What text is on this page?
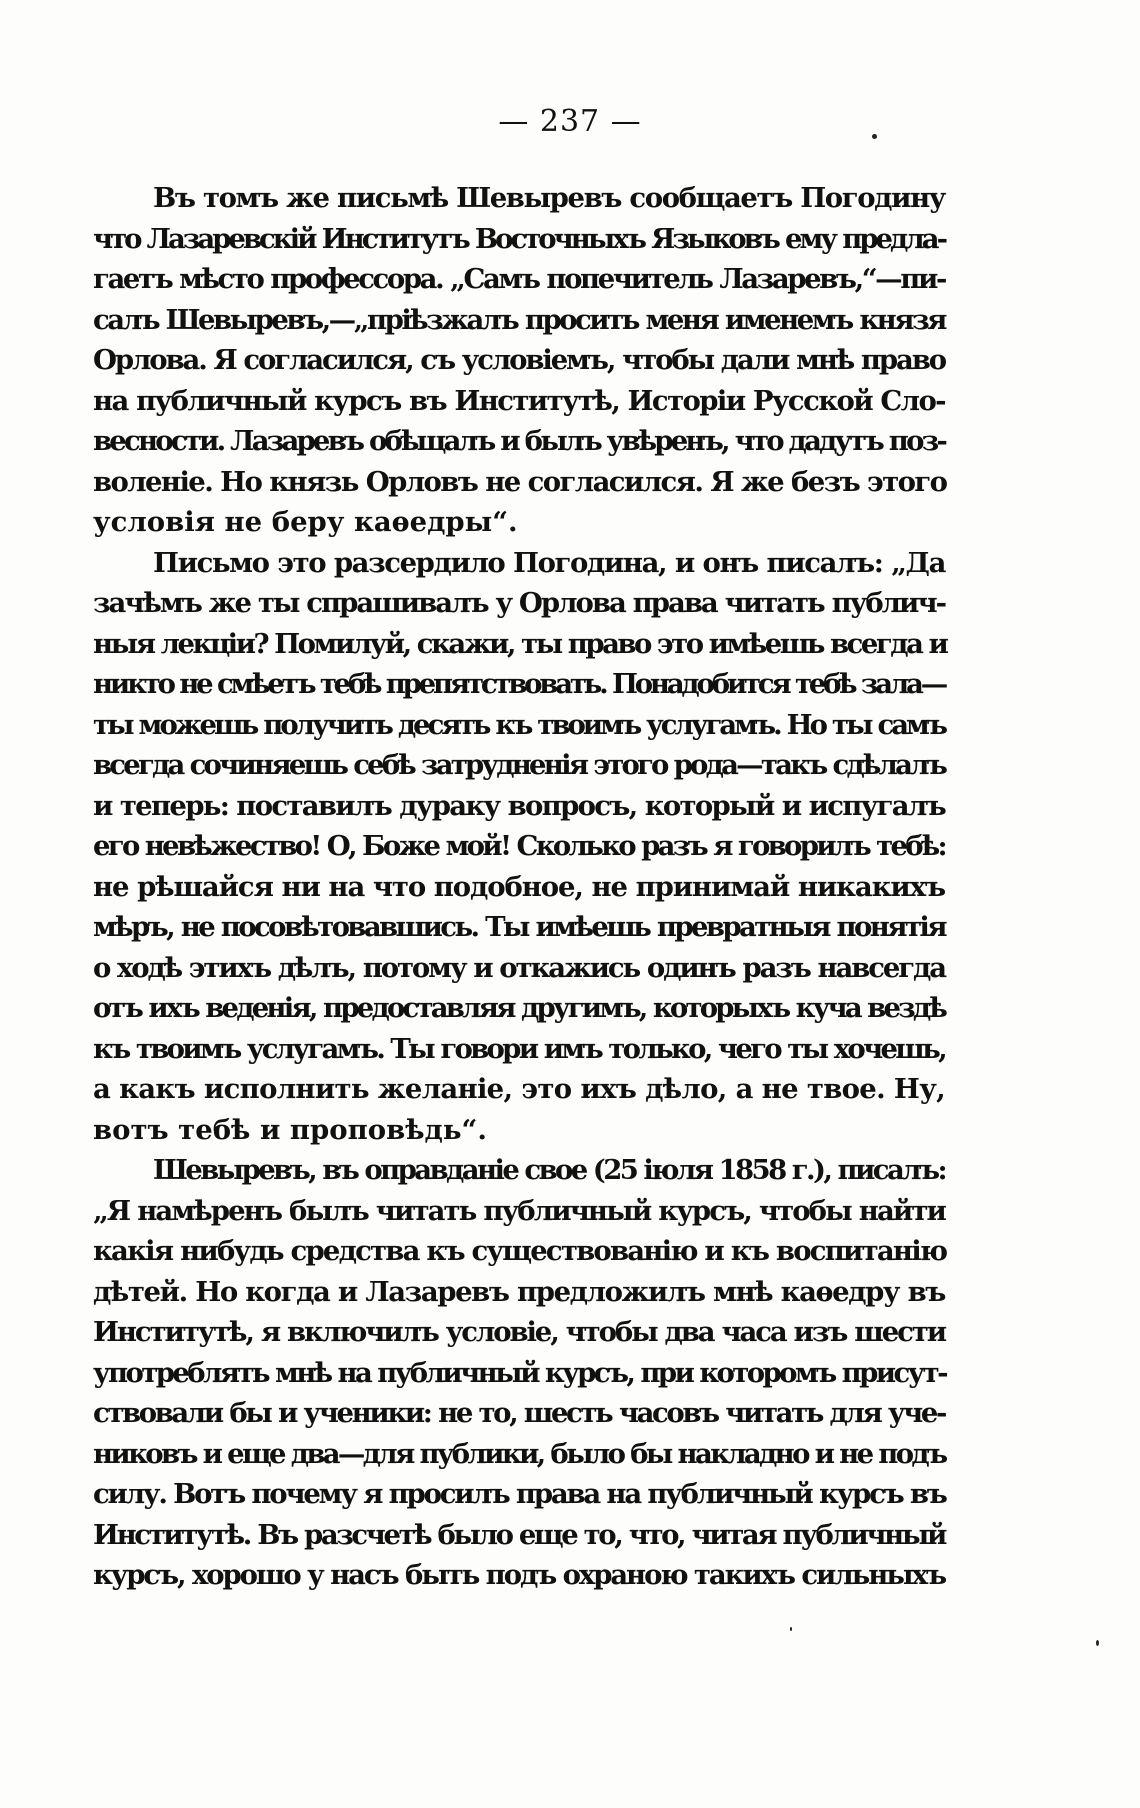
— 237 —
Въ томъ же письмѣ Шевыревъ сообщаетъ Погодину
что Лазаревскій Институтъ Восточныхъ Языковъ ему предла-
гаетъ мѣсто профессора. „Самъ попечитель Лазаревъ,“—пи-
салъ Шевыревъ,—„пріѣзжалъ просить меня именемъ князя
Орлова. Я согласился, съ условіемъ, чтобы дали мнѣ право
на публичный курсъ въ Институтѣ, Исторіи Русской Сло-
весности. Лазаревъ обѣщалъ и былъ увѣренъ, что дадутъ поз-
воленіе. Но князь Орловъ не согласился. Я же безъ этого
условія не беру каѳедры“.
Письмо это разсердило Погодина, и онъ писалъ: „Да
зачѣмъ же ты спрашивалъ у Орлова права читать публич-
ныя лекціи? Помилуй, скажи, ты право это имѣешь всегда и
никто не смѣетъ тебѣ препятствовать. Понадобится тебѣ зала—
ты можешь получить десять къ твоимъ услугамъ. Но ты самъ
всегда сочиняешь себѣ затрудненія этого рода—такъ сдѣлалъ
и теперь: поставилъ дураку вопросъ, который и испугалъ
его невѣжество! О, Боже мой! Сколько разъ я говорилъ тебѣ:
не рѣшайся ни на что подобное, не принимай никакихъ
мѣръ, не посовѣтовавшись. Ты имѣешь превратныя понятія
о ходѣ этихъ дѣлъ, потому и откажись одинъ разъ навсегда
отъ ихъ веденія, предоставляя другимъ, которыхъ куча вездѣ
къ твоимъ услугамъ. Ты говори имъ только, чего ты хочешь,
а какъ исполнить желаніе, это ихъ дѣло, а не твое. Ну,
вотъ тебѣ и проповѣдь“.
Шевыревъ, въ оправданіе свое (25 іюля 1858 г.), писалъ:
„Я намѣренъ былъ читать публичный курсъ, чтобы найти
какія нибудь средства къ существованію и къ воспитанію
дѣтей. Но когда и Лазаревъ предложилъ мнѣ каѳедру въ
Институтѣ, я включилъ условіе, чтобы два часа изъ шести
употреблять мнѣ на публичный курсъ, при которомъ присут-
ствовали бы и ученики: не то, шесть часовъ читать для уче-
никовъ и еще два—для публики, было бы накладно и не подъ
силу. Вотъ почему я просилъ права на публичный курсъ въ
Институтѣ. Въ разсчетѣ было еще то, что, читая публичный
курсъ, хорошо у насъ быть подъ охраною такихъ сильныхъ
